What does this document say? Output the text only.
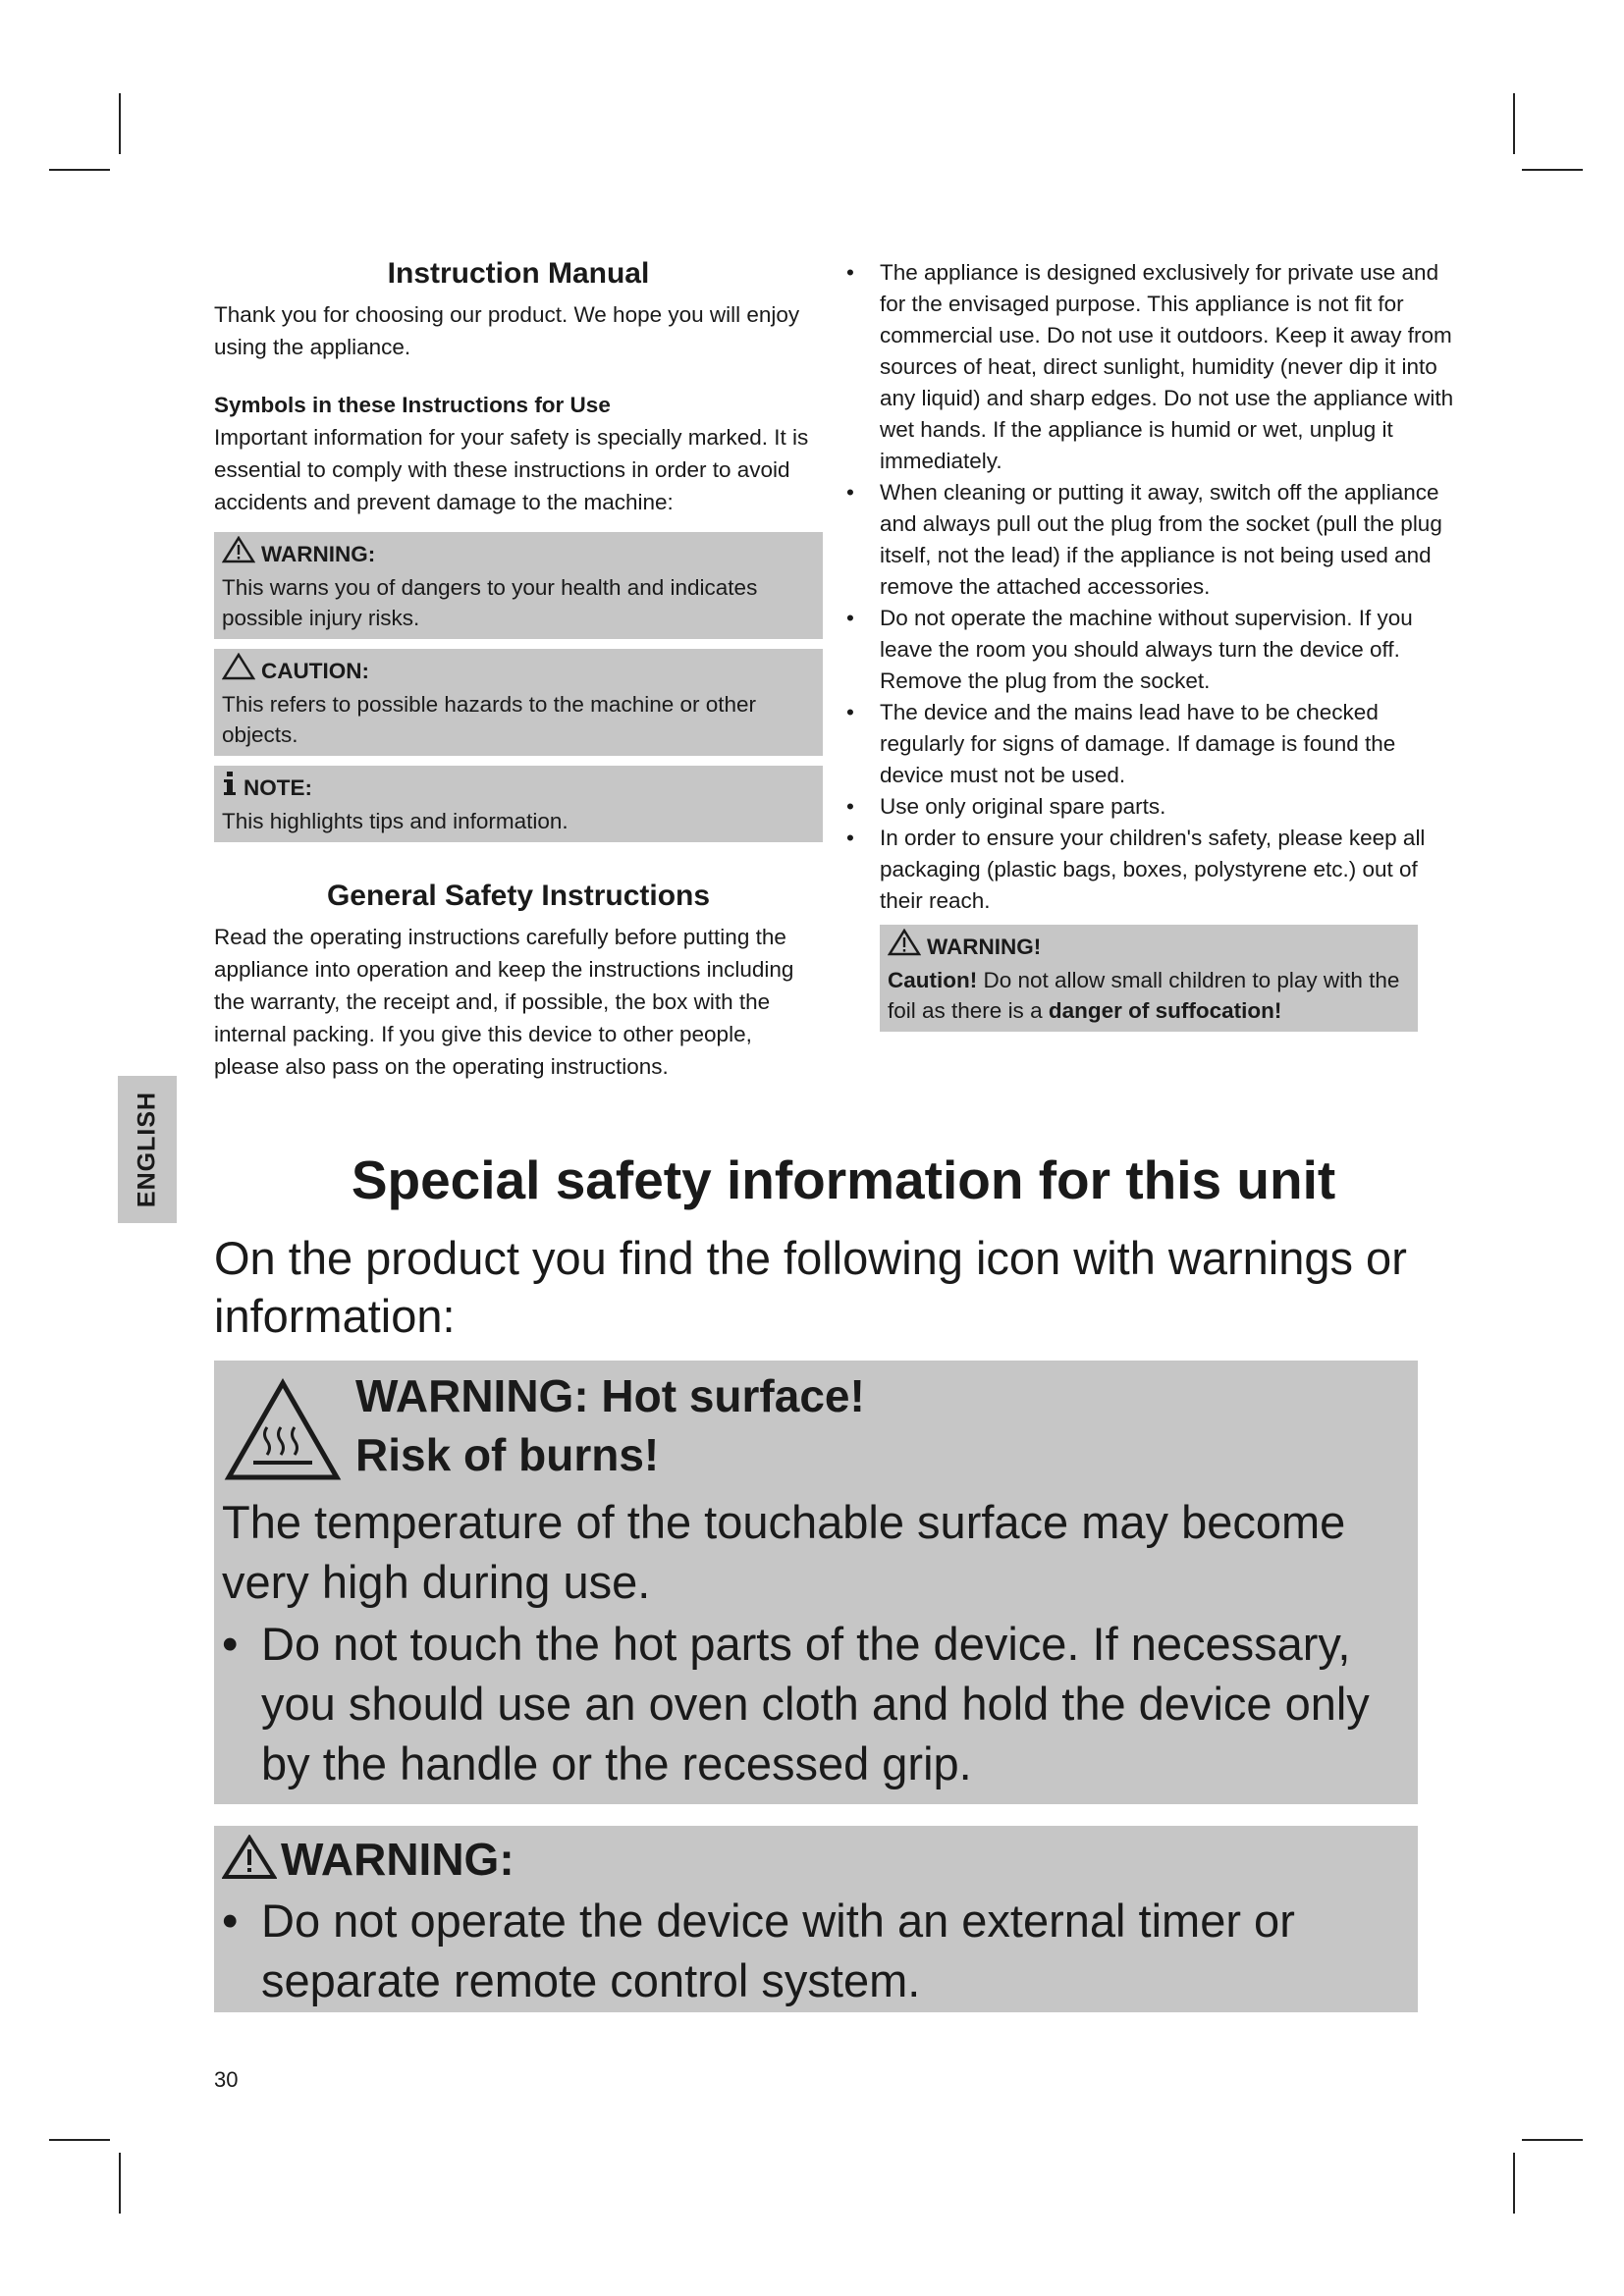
ENGLISH
Instruction Manual

Thank you for choosing our product. We hope you will enjoy using the appliance.

Symbols in these Instructions for Use

Important information for your safety is specially marked. It is essential to comply with these instructions in order to avoid accidents and prevent damage to the machine:

WARNING:

This warns you of dangers to your health and indicates possible injury risks.

CAUTION:

This refers to possible hazards to the machine or other objects.

NOTE:

This highlights tips and information.

General Safety Instructions

Read the operating instructions carefully before putting the appliance into operation and keep the instructions including the warranty, the receipt and, if possible, the box with the internal packing. If you give this device to other people, please also pass on the operating instructions.

•	The appliance is designed exclusively for private use and for the envisaged purpose. This appliance is not fit for commercial use. Do not use it outdoors. Keep it away from sources of heat, direct sunlight, humidity (never dip it into any liquid) and sharp edges. Do not use the appliance with wet hands. If the appliance is humid or wet, unplug it immediately.
•	When cleaning or putting it away, switch off the appliance and always pull out the plug from the socket (pull the plug itself, not the lead) if the appliance is not being used and remove the attached accessories.
•	Do not operate the machine without supervision. If you leave the room you should always turn the device off. Remove the plug from the socket.
•	The device and the mains lead have to be checked regularly for signs of damage. If damage is found the device must not be used.
•	Use only original spare parts.
•	In order to ensure your children's safety, please keep all packaging (plastic bags, boxes, polystyrene etc.) out of their reach.
WARNING!

Caution! Do not allow small children to play with the foil as there is a danger of suffocation!

Special safety information for this unit

On the product you find the following icon with warnings or information:

WARNING: Hot surface!

Risk of burns!

The temperature of the touchable surface may become very high during use.

• Do not touch the hot parts of the device. If necessary, you should use an oven cloth and hold the device only by the handle or the recessed grip.

WARNING:

• Do not operate the device with an external timer or separate remote control system.

30
